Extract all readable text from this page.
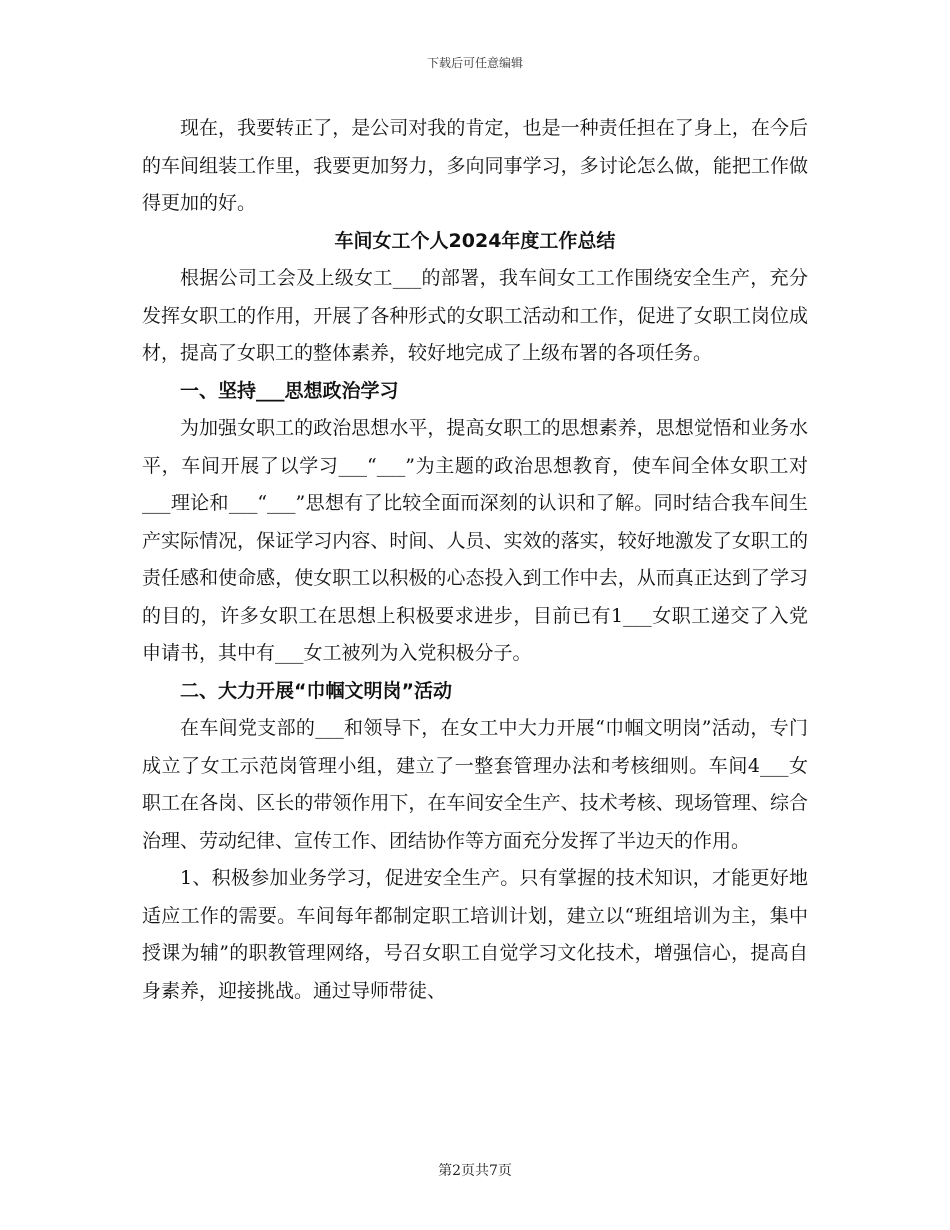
下载后可任意编辑

现在，我要转正了，是公司对我的肯定，也是一种责任担在了身上，在今后的车间组装工作里，我要更加努力，多向同事学习，多讨论怎么做，能把工作做得更加的好。

车间女工个人2024年度工作总结

根据公司工会及上级女工___的部署，我车间女工工作围绕安全生产，充分发挥女职工的作用，开展了各种形式的女职工活动和工作，促进了女职工岗位成材，提高了女职工的整体素养，较好地完成了上级布署的各项任务。

一、坚持___思想政治学习

为加强女职工的政治思想水平，提高女职工的思想素养，思想觉悟和业务水平，车间开展了以学习___“___”为主题的政治思想教育，使车间全体女职工对___理论和___“___”思想有了比较全面而深刻的认识和了解。同时结合我车间生产实际情况，保证学习内容、时间、人员、实效的落实，较好地激发了女职工的责任感和使命感，使女职工以积极的心态投入到工作中去，从而真正达到了学习的目的，许多女职工在思想上积极要求进步，目前已有1___女职工递交了入党申请书，其中有___女工被列为入党积极分子。

二、大力开展“巾帼文明岗”活动

在车间党支部的___和领导下，在女工中大力开展“巾帼文明岗”活动，专门成立了女工示范岗管理小组，建立了一整套管理办法和考核细则。车间4___女职工在各岗、区长的带领作用下，在车间安全生产、技术考核、现场管理、综合治理、劳动纪律、宣传工作、团结协作等方面充分发挥了半边天的作用。

1、积极参加业务学习，促进安全生产。只有掌握的技术知识，才能更好地适应工作的需要。车间每年都制定职工培训计划，建立以“班组培训为主，集中授课为辅”的职教管理网络，号召女职工自觉学习文化技术，增强信心，提高自身素养，迎接挑战。通过导师带徒、

第2页共7页
